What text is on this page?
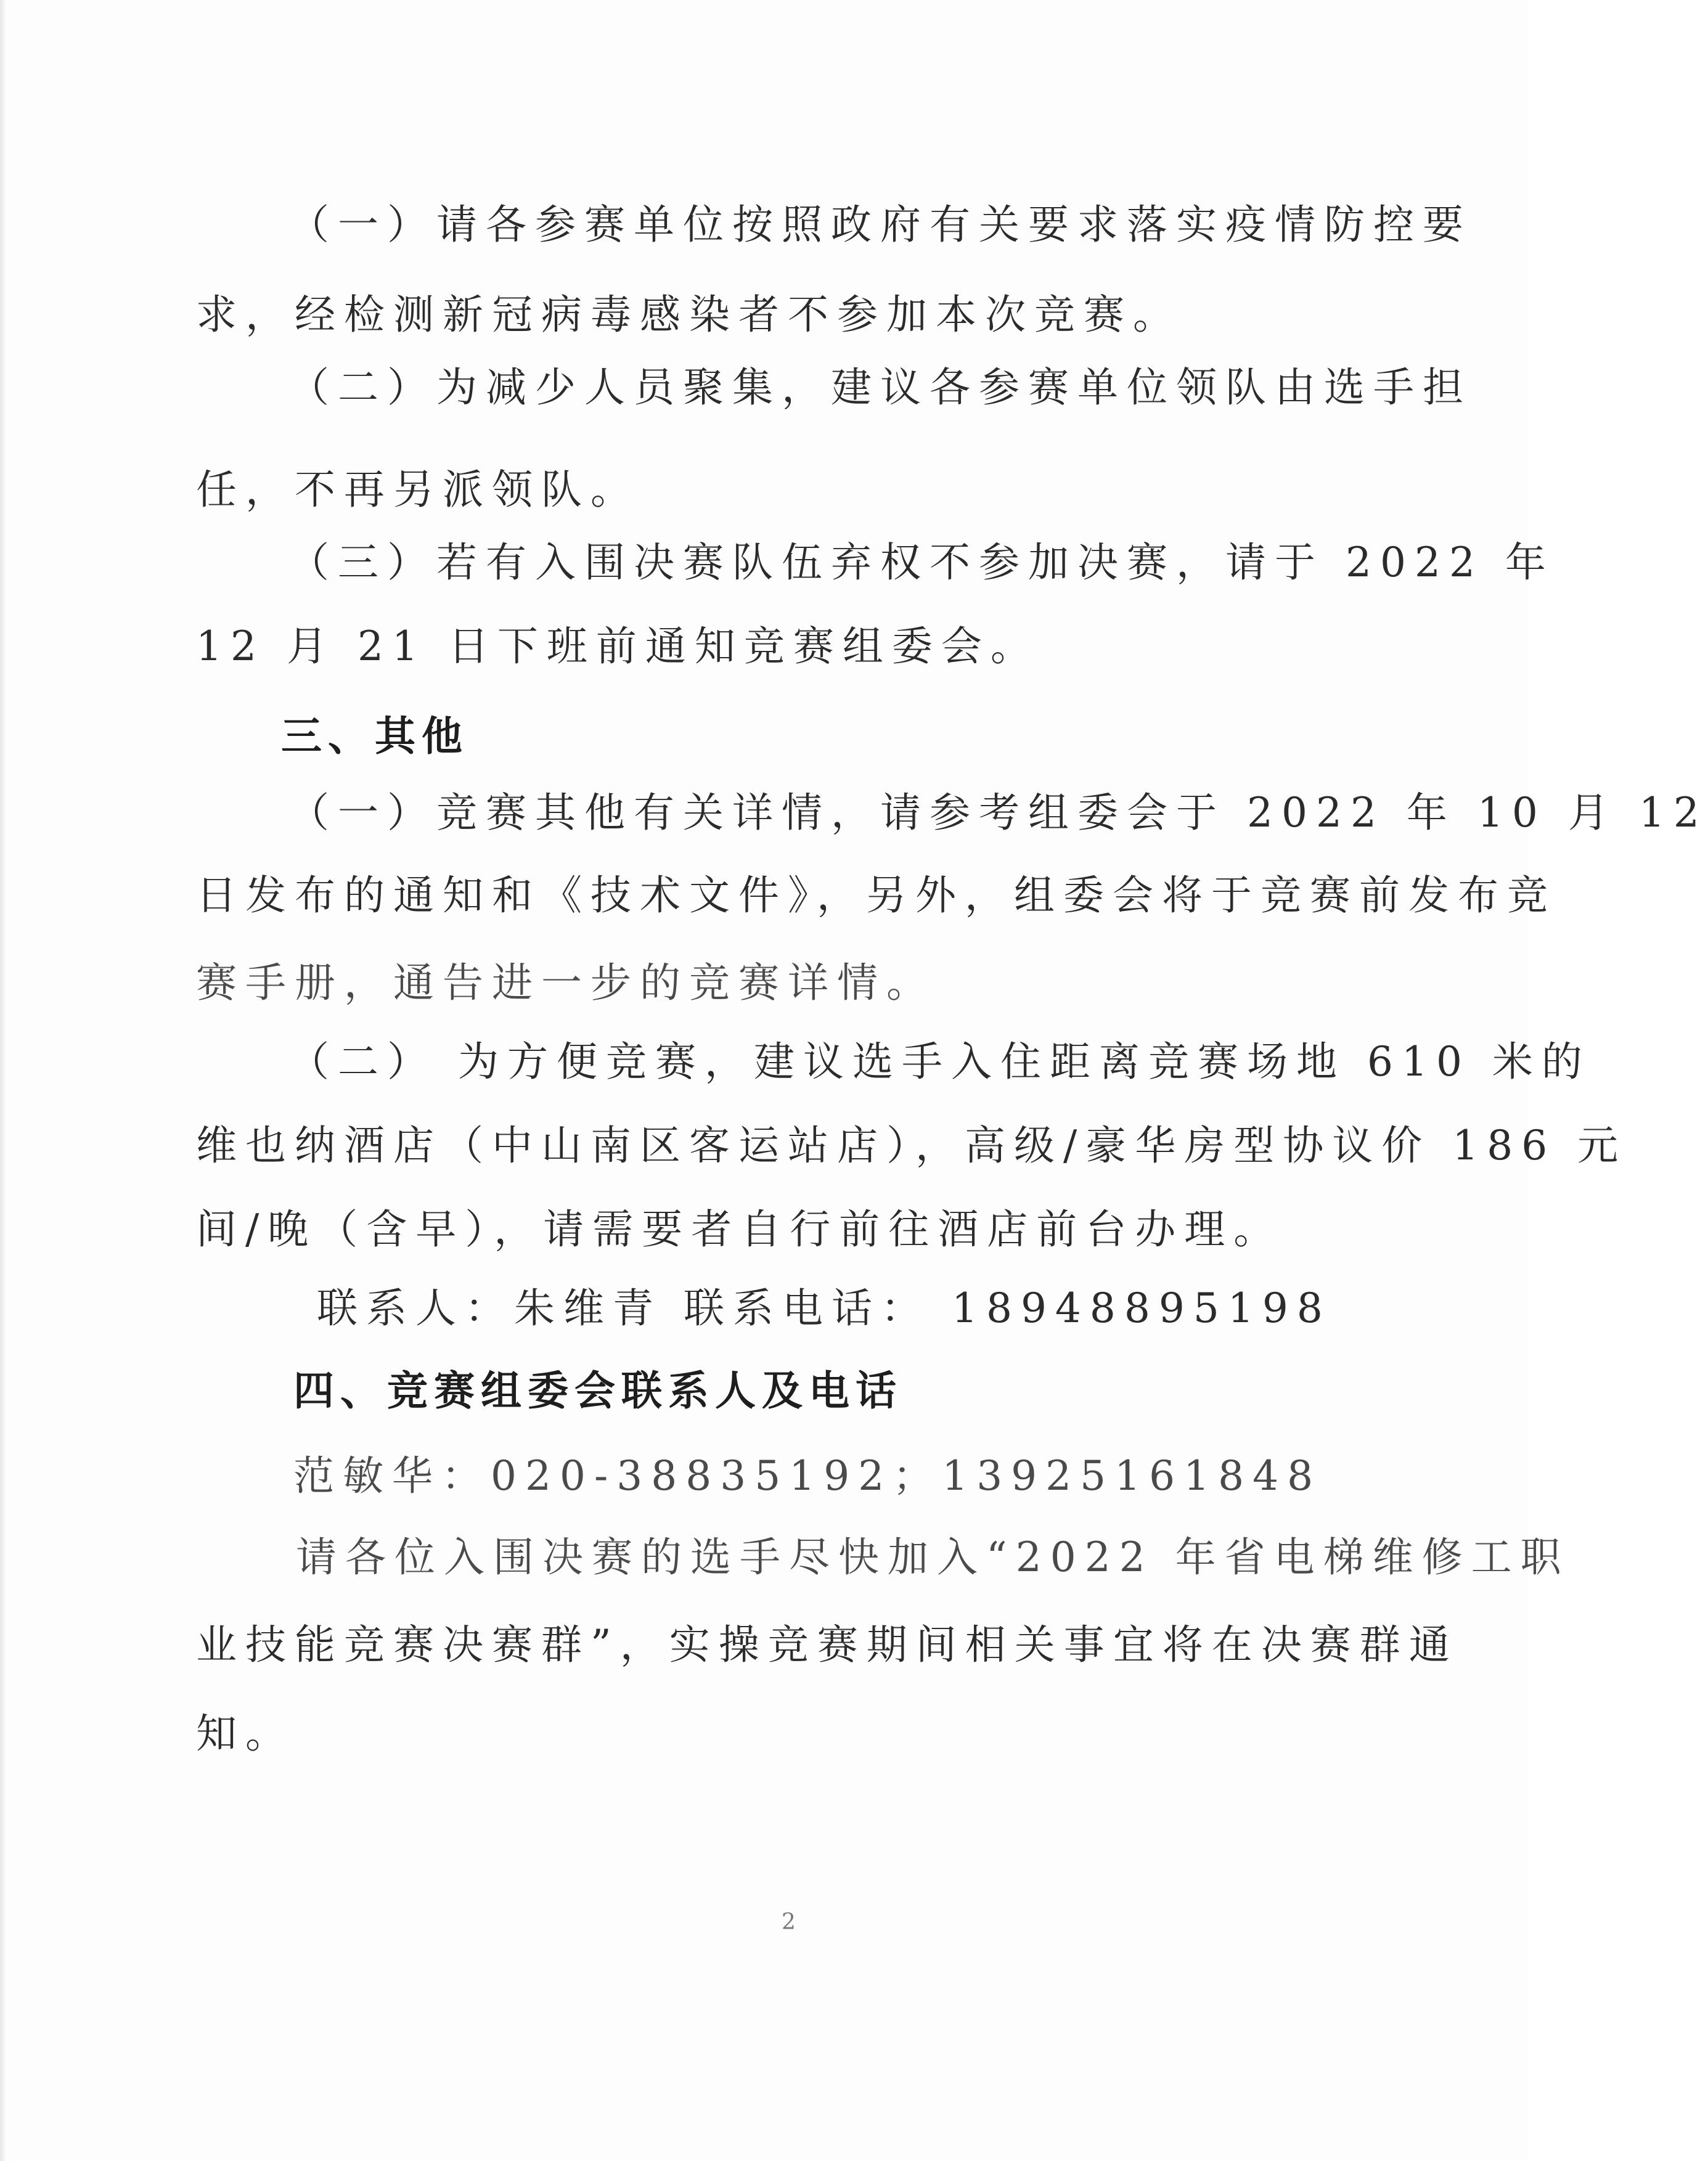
（一）请各参赛单位按照政府有关要求落实疫情防控要
求，经检测新冠病毒感染者不参加本次竞赛。
（二）为减少人员聚集，建议各参赛单位领队由选手担
任，不再另派领队。
（三）若有入围决赛队伍弃权不参加决赛，请于 2022 年
12 月 21 日下班前通知竞赛组委会。
三、其他
（一）竞赛其他有关详情，请参考组委会于 2022 年 10 月 12
日发布的通知和《技术文件》，另外，组委会将于竞赛前发布竞
赛手册，通告进一步的竞赛详情。
（二） 为方便竞赛，建议选手入住距离竞赛场地 610 米的
维也纳酒店（中山南区客运站店），高级/豪华房型协议价 186 元
间/晚（含早），请需要者自行前往酒店前台办理。
联系人：朱维青 联系电话： 18948895198
四、竞赛组委会联系人及电话
范敏华：020-38835192；13925161848
请各位入围决赛的选手尽快加入“2022 年省电梯维修工职
业技能竞赛决赛群”，实操竞赛期间相关事宜将在决赛群通
知。
2
